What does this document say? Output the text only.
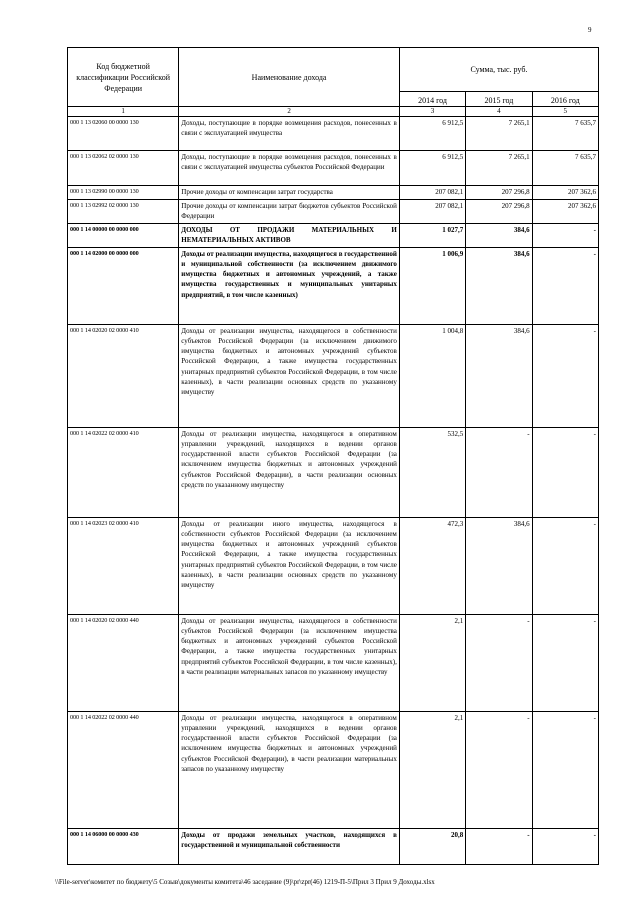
9
Код бюджетной классификации Российской Федерации	Наименование дохода	Сумма, тыс. руб.		
		2014 год	2015 год	2016 год
1	2	3	4	5
000 1 13 02060 00 0000 130	Доходы, поступающие в порядке возмещения расходов, понесенных в связи с эксплуатацией имущества	6 912,5	7 265,1	7 635,7
000 1 13 02062 02 0000 130	Доходы, поступающие в порядке возмещения расходов, понесенных в связи с эксплуатацией имущества субъектов Российской Федерации	6 912,5	7 265,1	7 635,7
000 1 13 02990 00 0000 130	Прочие доходы от компенсации затрат государства	207 082,1	207 296,8	207 362,6
000 1 13 02992 02 0000 130	Прочие доходы от компенсации затрат бюджетов субъектов Российской Федерации	207 082,1	207 296,8	207 362,6
000 1 14 00000 00 0000 000	ДОХОДЫ ОТ ПРОДАЖИ МАТЕРИАЛЬНЫХ И НЕМАТЕРИАЛЬНЫХ АКТИВОВ	1 027,7	384,6	-
000 1 14 02000 00 0000 000	Доходы от реализации имущества, находящегося в государственной и муниципальной собственности (за исключением движимого имущества бюджетных и автономных учреждений, а также имущества государственных и муниципальных унитарных предприятий, в том числе казенных)	1 006,9	384,6	-
000 1 14 02020 02 0000 410	Доходы от реализации имущества, находящегося в собственности субъектов Российской Федерации (за исключением движимого имущества бюджетных и автономных учреждений субъектов Российской Федерации, а также имущества государственных унитарных предприятий субъектов Российской Федерации, в том числе казенных), в части реализации основных средств по указанному имуществу	1 004,8	384,6	-
000 1 14 02022 02 0000 410	Доходы от реализации имущества, находящегося в оперативном управлении учреждений, находящихся в ведении органов государственной власти субъектов Российской Федерации (за исключением имущества бюджетных и автономных учреждений субъектов Российской Федерации), в части реализации основных средств по указанному имуществу	532,5	-	-
000 1 14 02023 02 0000 410	Доходы от реализации иного имущества, находящегося в собственности субъектов Российской Федерации (за исключением имущества бюджетных и автономных учреждений субъектов Российской Федерации, а также имущества государственных унитарных предприятий субъектов Российской Федерации, в том числе казенных), в части реализации основных средств по указанному имуществу	472,3	384,6	-
000 1 14 02020 02 0000 440	Доходы от реализации имущества, находящегося в собственности субъектов Российской Федерации (за исключением имущества бюджетных и автономных учреждений субъектов Российской Федерации, а также имущества государственных унитарных предприятий субъектов Российской Федерации, в том числе казенных), в части реализации материальных запасов по указанному имуществу	2,1	-	-
000 1 14 02022 02 0000 440	Доходы от реализации имущества, находящегося в оперативном управлении учреждений, находящихся в ведении органов государственной власти субъектов Российской Федерации (за исключением имущества бюджетных и автономных учреждений субъектов Российской Федерации), в части реализации материальных запасов по указанному имуществу	2,1	-	-
000 1 14 06000 00 0000 430	Доходы от продажи земельных участков, находящихся в государственной и муниципальной собственности	20,8	-	-
\\File-server\комитет по бюджету\5 Созыв\документы комитета\46 заседание (9)\pr\zpr(46) 1219-П-5\Прил 3 Прил 9 Доходы.xlsx
